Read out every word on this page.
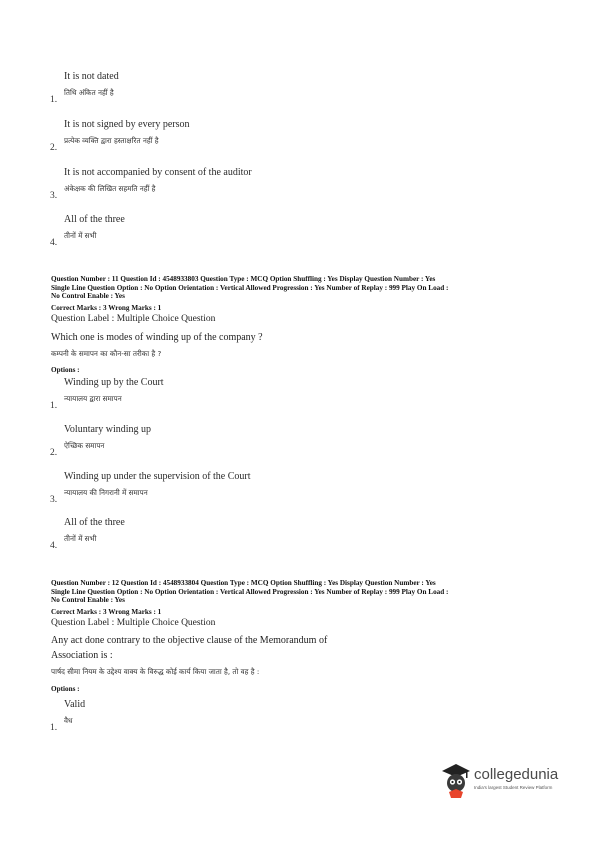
It is not dated
तिथि अंकित नहीं है
1.
It is not signed by every person
प्रत्येक व्यक्ति द्वारा हस्ताक्षरित नहीं है
2.
It is not accompanied by consent of the auditor
अंकेक्षक की लिखित सहमति नहीं है
3.
All of the three
तीनों में सभी
4.
Question Number : 11 Question Id : 4548933803 Question Type : MCQ Option Shuffling : Yes Display Question Number : Yes
Single Line Question Option : No Option Orientation : Vertical Allowed Progression : Yes Number of Replay : 999 Play On Load :
No Control Enable : Yes
Correct Marks : 3 Wrong Marks : 1
Question Label : Multiple Choice Question
Which one is modes of winding up of the company ?
कम्पनी के समापन का कौन-सा तरीका है ?
Options :
Winding up by the Court
न्यायालय द्वारा समापन
1.
Voluntary winding up
ऐच्छिक समापन
2.
Winding up under the supervision of the Court
न्यायालय की निगरानी में समापन
3.
All of the three
तीनों में सभी
4.
Question Number : 12 Question Id : 4548933804 Question Type : MCQ Option Shuffling : Yes Display Question Number : Yes
Single Line Question Option : No Option Orientation : Vertical Allowed Progression : Yes Number of Replay : 999 Play On Load :
No Control Enable : Yes
Correct Marks : 3 Wrong Marks : 1
Question Label : Multiple Choice Question
Any act done contrary to the objective clause of the Memorandum of
Association is :
पार्षद सीमा नियम के उद्देश्य वाक्य के विरुद्ध कोई कार्य किया जाता है, तो वह है :
Options :
Valid
वैध
1.
collegedunia
India's largest Student Review Platform
